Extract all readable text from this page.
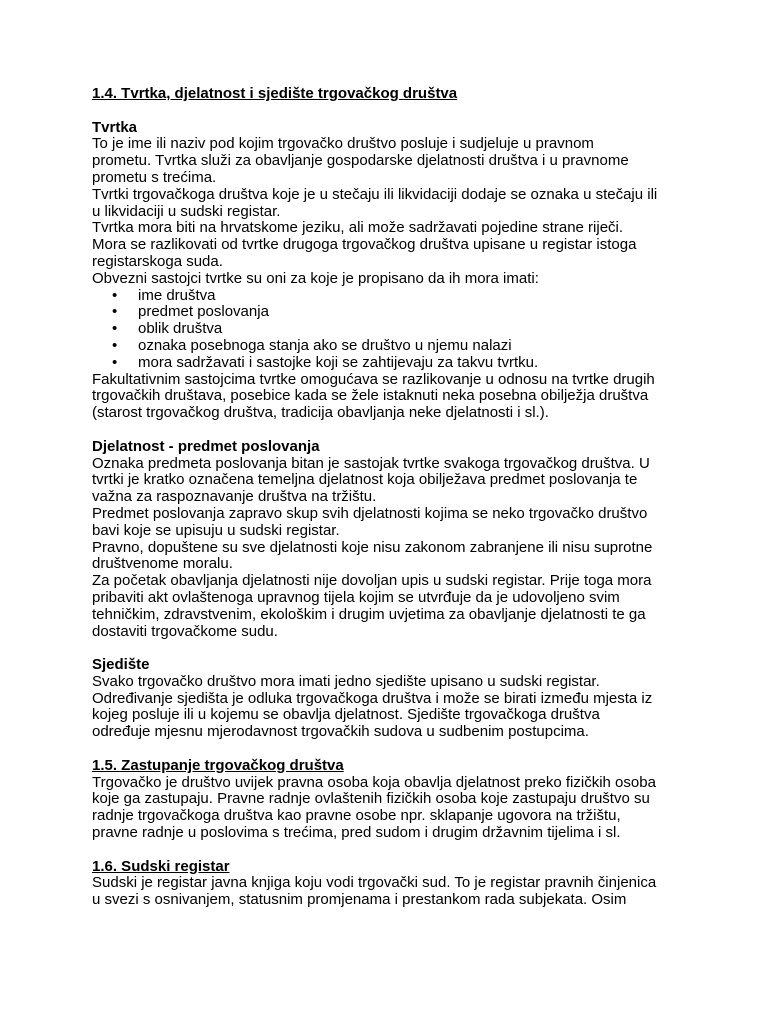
1.4. Tvrtka, djelatnost i sjedište trgovačkog društva

Tvrtka

To je ime ili naziv pod kojim trgovačko društvo posluje i sudjeluje u pravnom

prometu. Tvrtka služi za obavljanje gospodarske djelatnosti društva i u pravnome

prometu s trećima.

Tvrtki trgovačkoga društva koje je u stečaju ili likvidaciji dodaje se oznaka u stečaju ili

u likvidaciji u sudski registar.

Tvrtka mora biti na hrvatskome jeziku, ali može sadržavati pojedine strane riječi.

Mora se razlikovati od tvrtke drugoga trgovačkog društva upisane u registar istoga

registarskoga suda.

Obvezni sastojci tvrtke su oni za koje je propisano da ih mora imati:

• ime društva
• predmet poslovanja
• oblik društva
• oznaka posebnoga stanja ako se društvo u njemu nalazi
• mora sadržavati i sastojke koji se zahtijevaju za takvu tvrtku.

Fakultativnim sastojcima tvrtke omogućava se razlikovanje u odnosu na tvrtke drugih

trgovačkih društava, posebice kada se žele istaknuti neka posebna obilježja društva

(starost trgovačkog društva, tradicija obavljanja neke djelatnosti i sl.).

Djelatnost - predmet poslovanja

Oznaka predmeta poslovanja bitan je sastojak tvrtke svakoga trgovačkog društva. U

tvrtki je kratko označena temeljna djelatnost koja obilježava predmet poslovanja te

važna za raspoznavanje društva na tržištu.

Predmet poslovanja zapravo skup svih djelatnosti kojima se neko trgovačko društvo

bavi koje se upisuju u sudski registar.

Pravno, dopuštene su sve djelatnosti koje nisu zakonom zabranjene ili nisu suprotne

društvenome moralu.

Za početak obavljanja djelatnosti nije dovoljan upis u sudski registar. Prije toga mora

pribaviti akt ovlaštenoga upravnog tijela kojim se utvrđuje da je udovoljeno svim

tehničkim, zdravstvenim, ekološkim i drugim uvjetima za obavljanje djelatnosti te ga

dostaviti trgovačkome sudu.

Sjedište

Svako trgovačko društvo mora imati jedno sjedište upisano u sudski registar.

Određivanje sjedišta je odluka trgovačkoga društva i može se birati između mjesta iz

kojeg posluje ili u kojemu se obavlja djelatnost. Sjedište trgovačkoga društva

određuje mjesnu mjerodavnost trgovačkih sudova u sudbenim postupcima.

1.5. Zastupanje trgovačkog društva

Trgovačko je društvo uvijek pravna osoba koja obavlja djelatnost preko fizičkih osoba

koje ga zastupaju. Pravne radnje ovlaštenih fizičkih osoba koje zastupaju društvo su

radnje trgovačkoga društva kao pravne osobe npr. sklapanje ugovora na tržištu,

pravne radnje u poslovima s trećima, pred sudom i drugim državnim tijelima i sl.

1.6. Sudski registar

Sudski je registar javna knjiga koju vodi trgovački sud. To je registar pravnih činjenica

u svezi s osnivanjem, statusnim promjenama i prestankom rada subjekata. Osim
